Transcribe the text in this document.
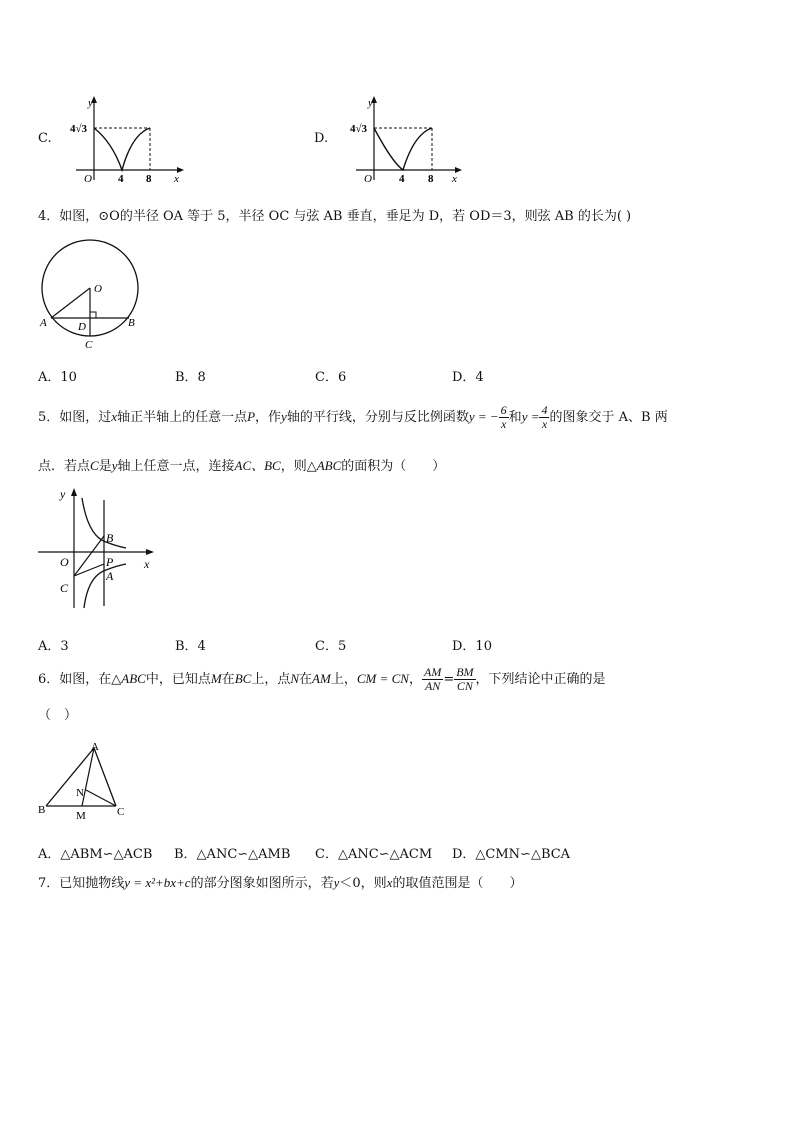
C.
y
x
4√3
O 4 8
D.
y
x
4√3
O 4 8
4．如图，⊙O的半径 OA 等于 5，半径 OC 与弦 AB 垂直，垂足为 D，若 OD＝3，则弦 AB 的长为( )
O
A	B
D
C
A．10	B．8	C．6	D．4
5．如图，过x轴正半轴上的任意一点P，作y轴的平行线，分别与反比例函数y = − $\frac{6}{x}$ 和$y = \frac{4}{x}$ 的图象交于 A、B 两
点．若点C是y轴上任意一点，连接AC、BC，则△ABC的面积为（　　）
y
x
O
B
P
A
C
A．3	B．4	C．5	D．10
6．如图，在△ABC中，已知点M在BC上，点N在AM上，CM = CN， $\frac{AM}{AN} = \frac{BM}{CN}$ ，下列结论中正确的是
（　）
A
B	C
N
M
A．△ABM∽△ACB B．△ANC∽△AMB C．△ANC∽△ACM D．△CMN∽△BCA
7．已知抛物线y = x²+bx+c的部分图象如图所示，若y＜0，则x的取值范围是（　　）
